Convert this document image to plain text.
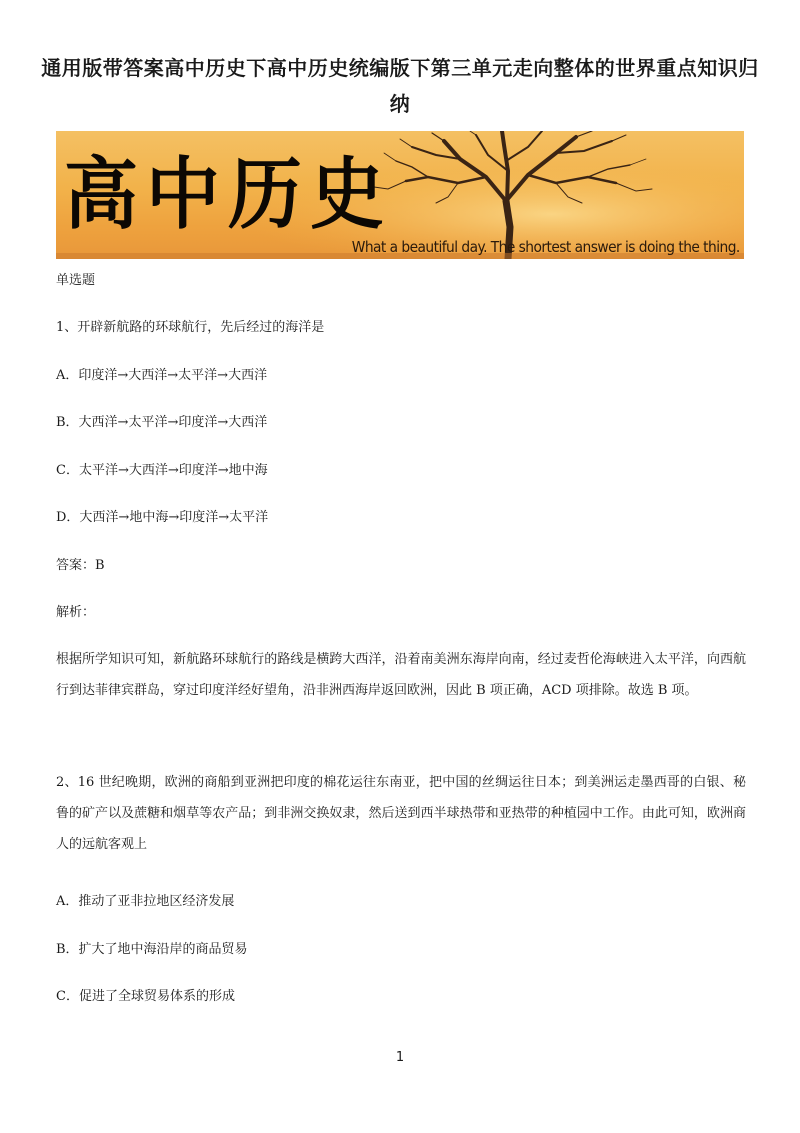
通用版带答案高中历史下高中历史统编版下第三单元走向整体的世界重点知识归纳
高中历史
What a beautiful day. The shortest answer is doing the thing.
单选题
1、开辟新航路的环球航行，先后经过的海洋是
A．印度洋→大西洋→太平洋→大西洋
B．大西洋→太平洋→印度洋→大西洋
C．太平洋→大西洋→印度洋→地中海
D．大西洋→地中海→印度洋→太平洋
答案：B
解析：
根据所学知识可知，新航路环球航行的路线是横跨大西洋，沿着南美洲东海岸向南，经过麦哲伦海峡进入太平洋，向西航行到达菲律宾群岛，穿过印度洋经好望角，沿非洲西海岸返回欧洲，因此 B 项正确，ACD 项排除。故选 B 项。
2、16 世纪晚期，欧洲的商船到亚洲把印度的棉花运往东南亚，把中国的丝绸运往日本；到美洲运走墨西哥的白银、秘鲁的矿产以及蔗糖和烟草等农产品；到非洲交换奴隶，然后送到西半球热带和亚热带的种植园中工作。由此可知，欧洲商人的远航客观上
A．推动了亚非拉地区经济发展
B．扩大了地中海沿岸的商品贸易
C．促进了全球贸易体系的形成
1
